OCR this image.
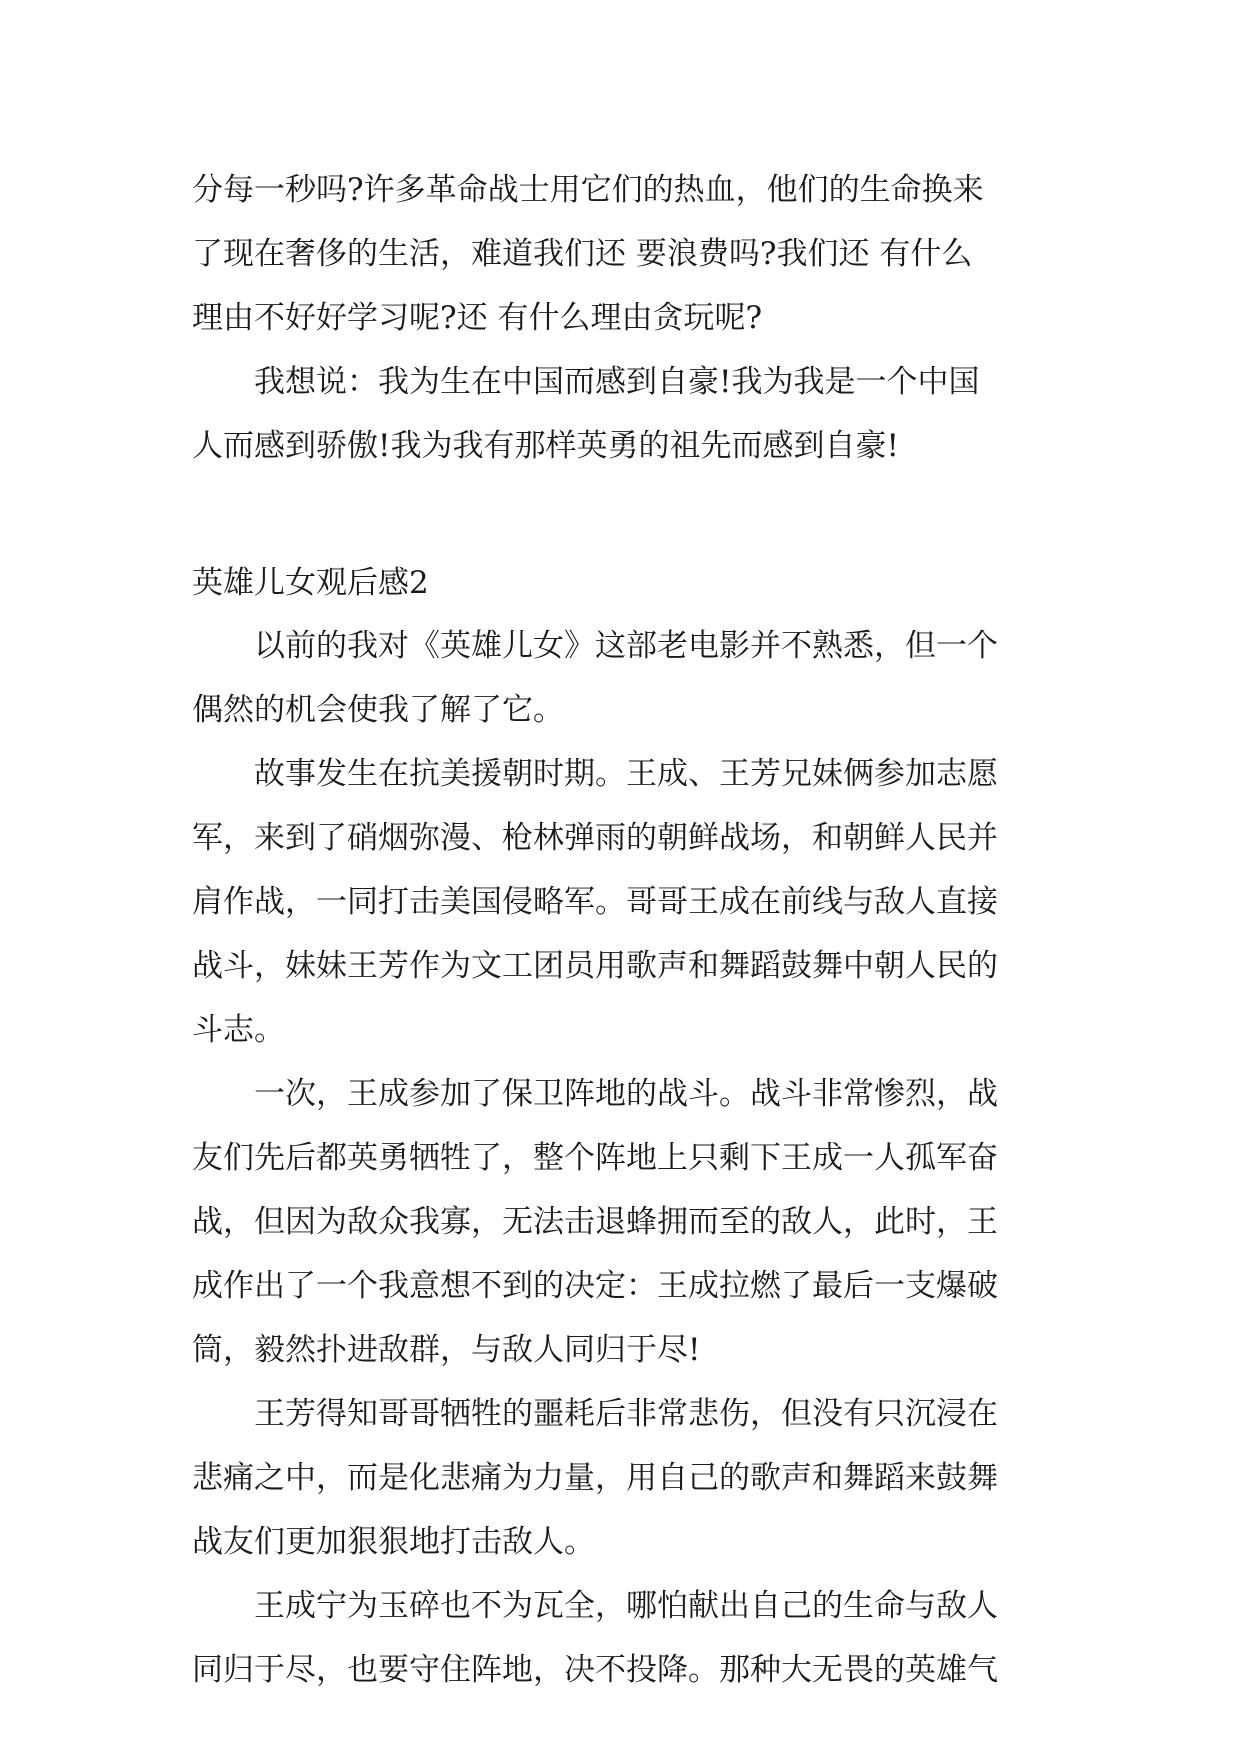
分每一秒吗?许多革命战士用它们的热血，他们的生命换来

了现在奢侈的生活，难道我们还 要浪费吗?我们还 有什么

理由不好好学习呢?还 有什么理由贪玩呢?

我想说：我为生在中国而感到自豪!我为我是一个中国

人而感到骄傲!我为我有那样英勇的祖先而感到自豪!

英雄儿女观后感2

以前的我对《英雄儿女》这部老电影并不熟悉，但一个

偶然的机会使我了解了它。

故事发生在抗美援朝时期。王成、王芳兄妹俩参加志愿

军，来到了硝烟弥漫、枪林弹雨的朝鲜战场，和朝鲜人民并

肩作战，一同打击美国侵略军。哥哥王成在前线与敌人直接

战斗，妹妹王芳作为文工团员用歌声和舞蹈鼓舞中朝人民的

斗志。

一次，王成参加了保卫阵地的战斗。战斗非常惨烈，战

友们先后都英勇牺牲了，整个阵地上只剩下王成一人孤军奋

战，但因为敌众我寡，无法击退蜂拥而至的敌人，此时，王

成作出了一个我意想不到的决定：王成拉燃了最后一支爆破

筒，毅然扑进敌群，与敌人同归于尽!

王芳得知哥哥牺牲的噩耗后非常悲伤，但没有只沉浸在

悲痛之中，而是化悲痛为力量，用自己的歌声和舞蹈来鼓舞

战友们更加狠狠地打击敌人。

王成宁为玉碎也不为瓦全，哪怕献出自己的生命与敌人

同归于尽，也要守住阵地，决不投降。那种大无畏的英雄气
